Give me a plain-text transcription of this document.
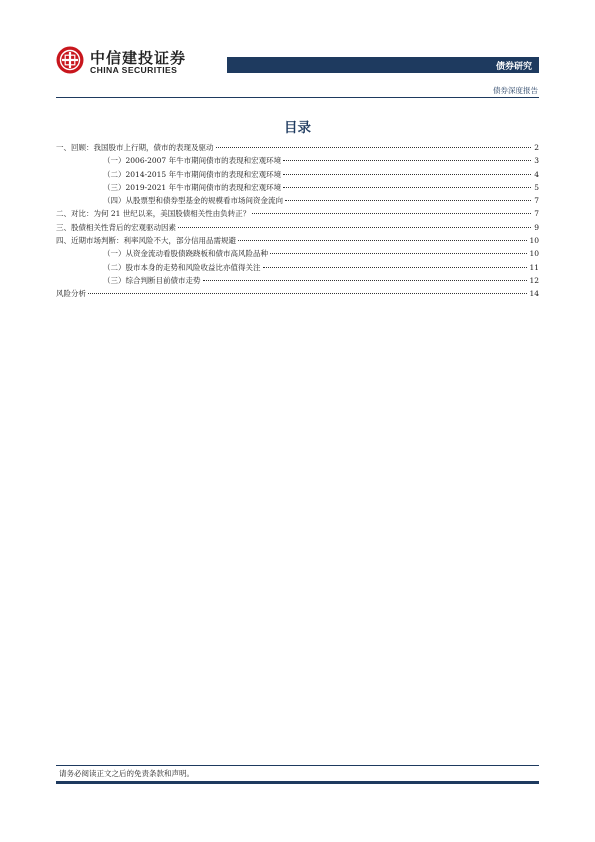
中信建投证券
CHINA SECURITIES	债券研究
债券深度报告
目录
一、回顾：我国股市上行期，债市的表现及驱动	2
（一）2006-2007 年牛市期间债市的表现和宏观环境	3
（二）2014-2015 年牛市期间债市的表现和宏观环境	4
（三）2019-2021 年牛市期间债市的表现和宏观环境	5
（四）从股票型和债券型基金的规模看市场间资金流向	7
二、对比：为何 21 世纪以来，美国股债相关性由负转正？	7
三、股债相关性背后的宏观驱动因素	9
四、近期市场判断：利率风险不大，部分信用品需规避	10
（一）从资金流动看股债跷跷板和债市高风险品种	10
（二）股市本身的走势和风险收益比亦值得关注	11
（三）综合判断目前债市走势	12
风险分析	14
请务必阅读正文之后的免责条款和声明。
